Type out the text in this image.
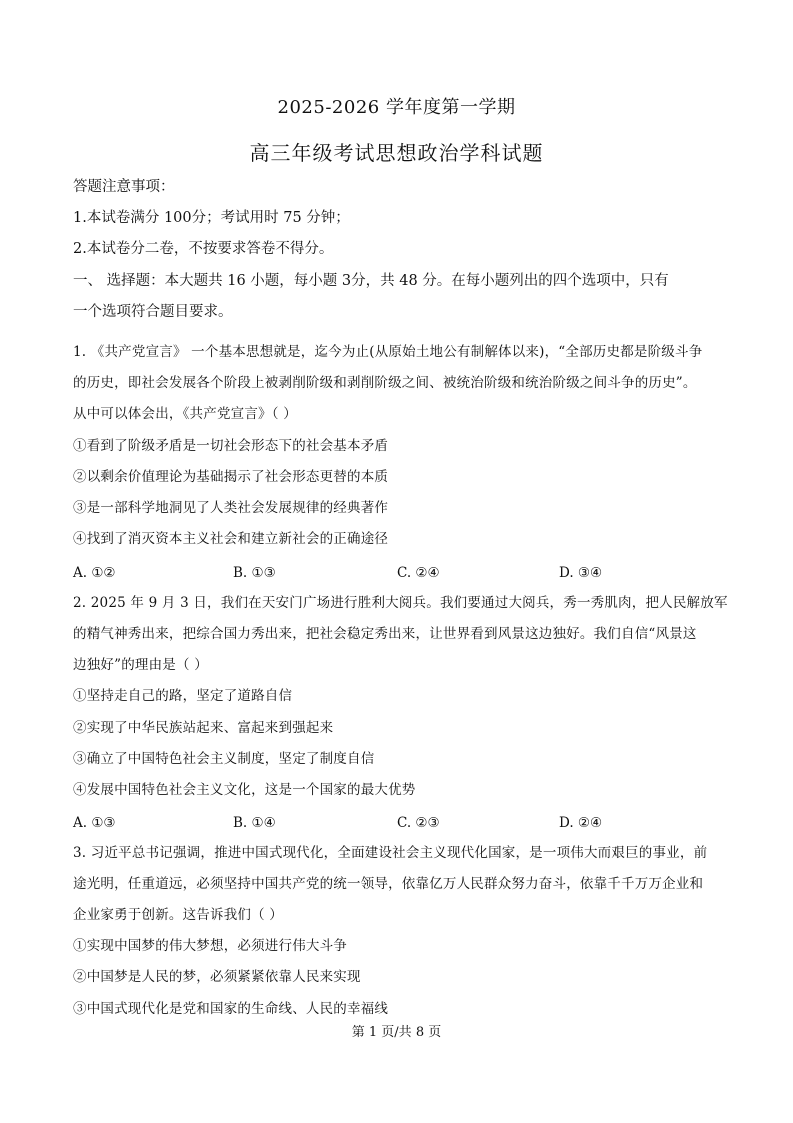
2025-2026 学年度第一学期
高三年级考试思想政治学科试题
答题注意事项：
1.本试卷满分 100分；考试用时 75 分钟；
2.本试卷分二卷，不按要求答卷不得分。
一、 选择题：本大题共 16 小题，每小题 3分，共 48 分。在每小题列出的四个选项中，只有
一个选项符合题目要求。
1. 《共产党宣言》 一个基本思想就是，迄今为止(从原始土地公有制解体以来)，“全部历史都是阶级斗争
的历史，即社会发展各个阶段上被剥削阶级和剥削阶级之间、被统治阶级和统治阶级之间斗争的历史”。
从中可以体会出，《共产党宣言》（ ）
①看到了阶级矛盾是一切社会形态下的社会基本矛盾
②以剩余价值理论为基础揭示了社会形态更替的本质
③是一部科学地洞见了人类社会发展规律的经典著作
④找到了消灭资本主义社会和建立新社会的正确途径
A. ①②	B. ①③	C. ②④	D. ③④
2. 2025 年 9 月 3 日，我们在天安门广场进行胜利大阅兵。我们要通过大阅兵，秀一秀肌肉，把人民解放军
的精气神秀出来，把综合国力秀出来，把社会稳定秀出来，让世界看到风景这边独好。我们自信“风景这
边独好”的理由是（ ）
①坚持走自己的路，坚定了道路自信
②实现了中华民族站起来、富起来到强起来
③确立了中国特色社会主义制度，坚定了制度自信
④发展中国特色社会主义文化，这是一个国家的最大优势
A. ①③	B. ①④	C. ②③	D. ②④
3. 习近平总书记强调，推进中国式现代化，全面建设社会主义现代化国家，是一项伟大而艰巨的事业，前
途光明，任重道远，必须坚持中国共产党的统一领导，依靠亿万人民群众努力奋斗，依靠千千万万企业和
企业家勇于创新。这告诉我们（ ）
①实现中国梦的伟大梦想，必须进行伟大斗争
②中国梦是人民的梦，必须紧紧依靠人民来实现
③中国式现代化是党和国家的生命线、人民的幸福线
第 1 页/共 8 页
